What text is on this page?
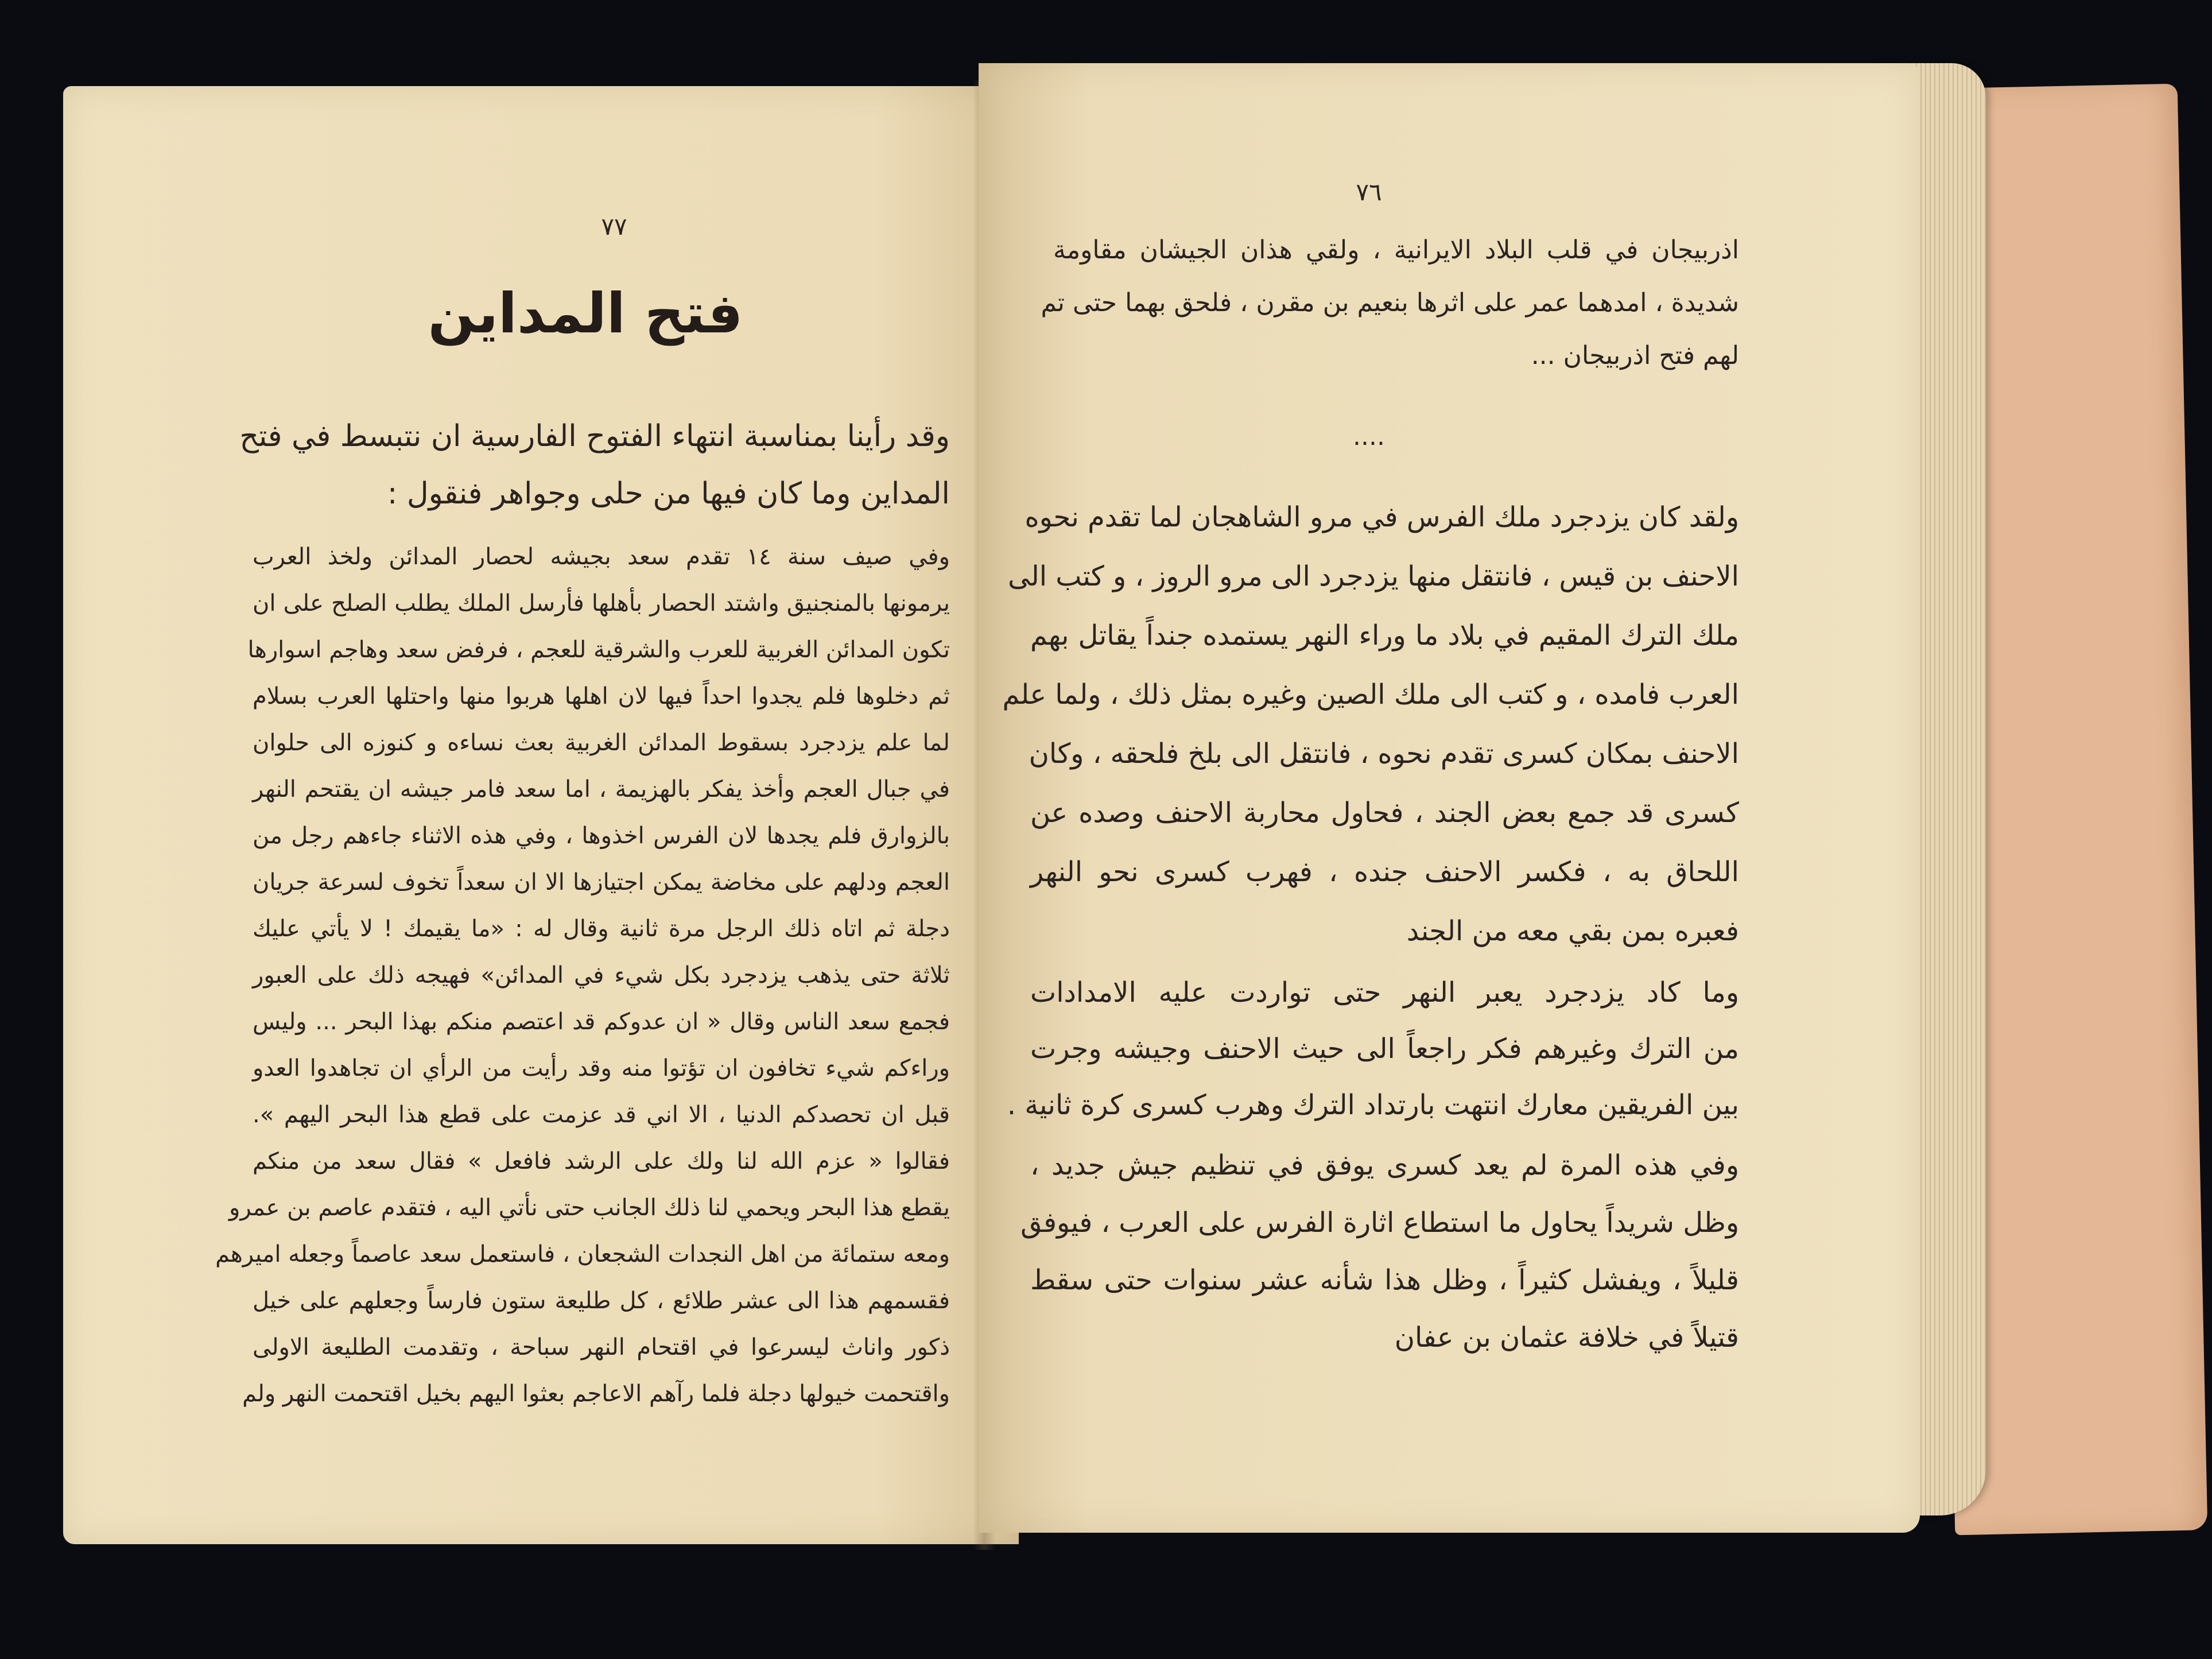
٧٧
فتح المداين
وقد رأينا بمناسبة انتهاء الفتوح الفارسية ان نتبسط في فتح
المداين وما كان فيها من حلى وجواهر فنقول :
وفي صيف سنة ١٤ تقدم سعد بجيشه لحصار المدائن ولخذ العرب
يرمونها بالمنجنيق واشتد الحصار بأهلها فأرسل الملك يطلب الصلح على ان
تكون المدائن الغربية للعرب والشرقية للعجم ، فرفض سعد وهاجم اسوارها
ثم دخلوها فلم يجدوا احداً فيها لان اهلها هربوا منها واحتلها العرب بسلام
لما علم يزدجرد بسقوط المدائن الغربية بعث نساءه و كنوزه الى حلوان
في جبال العجم وأخذ يفكر بالهزيمة ، اما سعد فامر جيشه ان يقتحم النهر
بالزوارق فلم يجدها لان الفرس اخذوها ، وفي هذه الاثناء جاءهم رجل من
العجم ودلهم على مخاضة يمكن اجتيازها الا ان سعداً تخوف لسرعة جريان
دجلة ثم اتاه ذلك الرجل مرة ثانية وقال له : «ما يقيمك ! لا يأتي عليك
ثلاثة حتى يذهب يزدجرد بكل شيء في المدائن» فهيجه ذلك على العبور
فجمع سعد الناس وقال « ان عدوكم قد اعتصم منكم بهذا البحر ... وليس
وراءكم شيء تخافون ان تؤتوا منه وقد رأيت من الرأي ان تجاهدوا العدو
قبل ان تحصدكم الدنيا ، الا اني قد عزمت على قطع هذا البحر اليهم ».
فقالوا « عزم الله لنا ولك على الرشد فافعل » فقال سعد من منكم
يقطع هذا البحر ويحمي لنا ذلك الجانب حتى نأتي اليه ، فتقدم عاصم بن عمرو
ومعه ستمائة من اهل النجدات الشجعان ، فاستعمل سعد عاصماً وجعله اميرهم
فقسمهم هذا الى عشر طلائع ، كل طليعة ستون فارساً وجعلهم على خيل
ذكور واناث ليسرعوا في اقتحام النهر سباحة ، وتقدمت الطليعة الاولى
واقتحمت خيولها دجلة فلما رآهم الاعاجم بعثوا اليهم بخيل اقتحمت النهر ولم
٧٦
اذربيجان في قلب البلاد الايرانية ، ولقي هذان الجيشان مقاومة
شديدة ، امدهما عمر على اثرها بنعيم بن مقرن ، فلحق بهما حتى تم
لهم فتح اذربيجان ...
....
ولقد كان يزدجرد ملك الفرس في مرو الشاهجان لما تقدم نحوه
الاحنف بن قيس ، فانتقل منها يزدجرد الى مرو الروز ، و كتب الى
ملك الترك المقيم في بلاد ما وراء النهر يستمده جنداً يقاتل بهم
العرب فامده ، و كتب الى ملك الصين وغيره بمثل ذلك ، ولما علم
الاحنف بمكان كسرى تقدم نحوه ، فانتقل الى بلخ فلحقه ، وكان
كسرى قد جمع بعض الجند ، فحاول محاربة الاحنف وصده عن
اللحاق به ، فكسر الاحنف جنده ، فهرب كسرى نحو النهر
فعبره بمن بقي معه من الجند
وما كاد يزدجرد يعبر النهر حتى تواردت عليه الامدادات
من الترك وغيرهم فكر راجعاً الى حيث الاحنف وجيشه وجرت
بين الفريقين معارك انتهت بارتداد الترك وهرب كسرى كرة ثانية .
وفي هذه المرة لم يعد كسرى يوفق في تنظيم جيش جديد ،
وظل شريداً يحاول ما استطاع اثارة الفرس على العرب ، فيوفق
قليلاً ، ويفشل كثيراً ، وظل هذا شأنه عشر سنوات حتى سقط
قتيلاً في خلافة عثمان بن عفان
